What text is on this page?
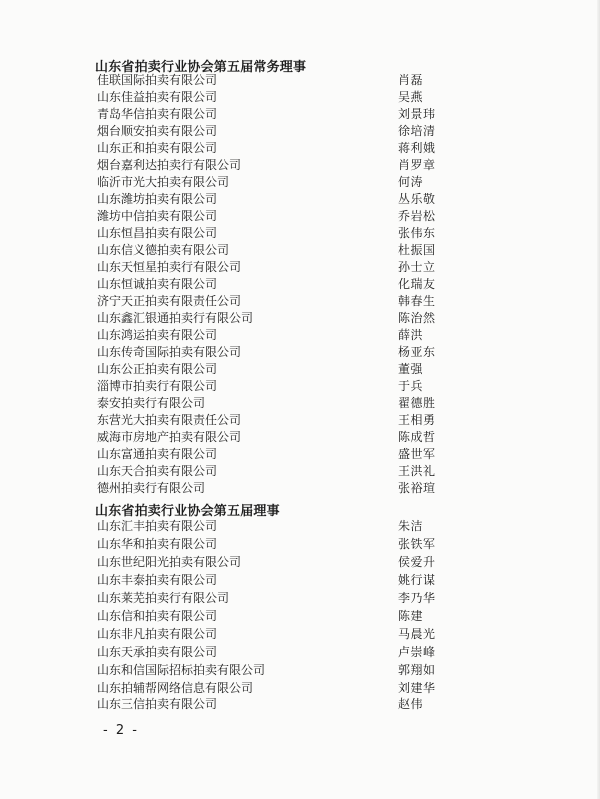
山东省拍卖行业协会第五届常务理事
佳联国际拍卖有限公司	肖磊
山东佳益拍卖有限公司	吴燕
青岛华信拍卖有限公司	刘景玮
烟台顺安拍卖有限公司	徐培清
山东正和拍卖有限公司	蒋利娥
烟台嘉利达拍卖行有限公司	肖罗章
临沂市光大拍卖有限公司	何涛
山东潍坊拍卖有限公司	丛乐敬
潍坊中信拍卖有限公司	乔岩松
山东恒昌拍卖有限公司	张伟东
山东信义德拍卖有限公司	杜振国
山东天恒星拍卖行有限公司	孙士立
山东恒诚拍卖有限公司	化瑞友
济宁天正拍卖有限责任公司	韩春生
山东鑫汇银通拍卖行有限公司	陈治然
山东鸿运拍卖有限公司	薛洪
山东传奇国际拍卖有限公司	杨亚东
山东公正拍卖有限公司	董强
淄博市拍卖行有限公司	于兵
泰安拍卖行有限公司	翟德胜
东营光大拍卖有限责任公司	王相勇
威海市房地产拍卖有限公司	陈成哲
山东富通拍卖有限公司	盛世军
山东天合拍卖有限公司	王洪礼
德州拍卖行有限公司	张裕瑄
山东省拍卖行业协会第五届理事
山东汇丰拍卖有限公司	朱洁
山东华和拍卖有限公司	张铁军
山东世纪阳光拍卖有限公司	侯爱升
山东丰泰拍卖有限公司	姚行谋
山东莱芜拍卖行有限公司	李乃华
山东信和拍卖有限公司	陈建
山东非凡拍卖有限公司	马晨光
山东天承拍卖有限公司	卢崇峰
山东和信国际招标拍卖有限公司	郭翔如
山东拍辅帮网络信息有限公司	刘建华
山东三信拍卖有限公司	赵伟
- 2 -
